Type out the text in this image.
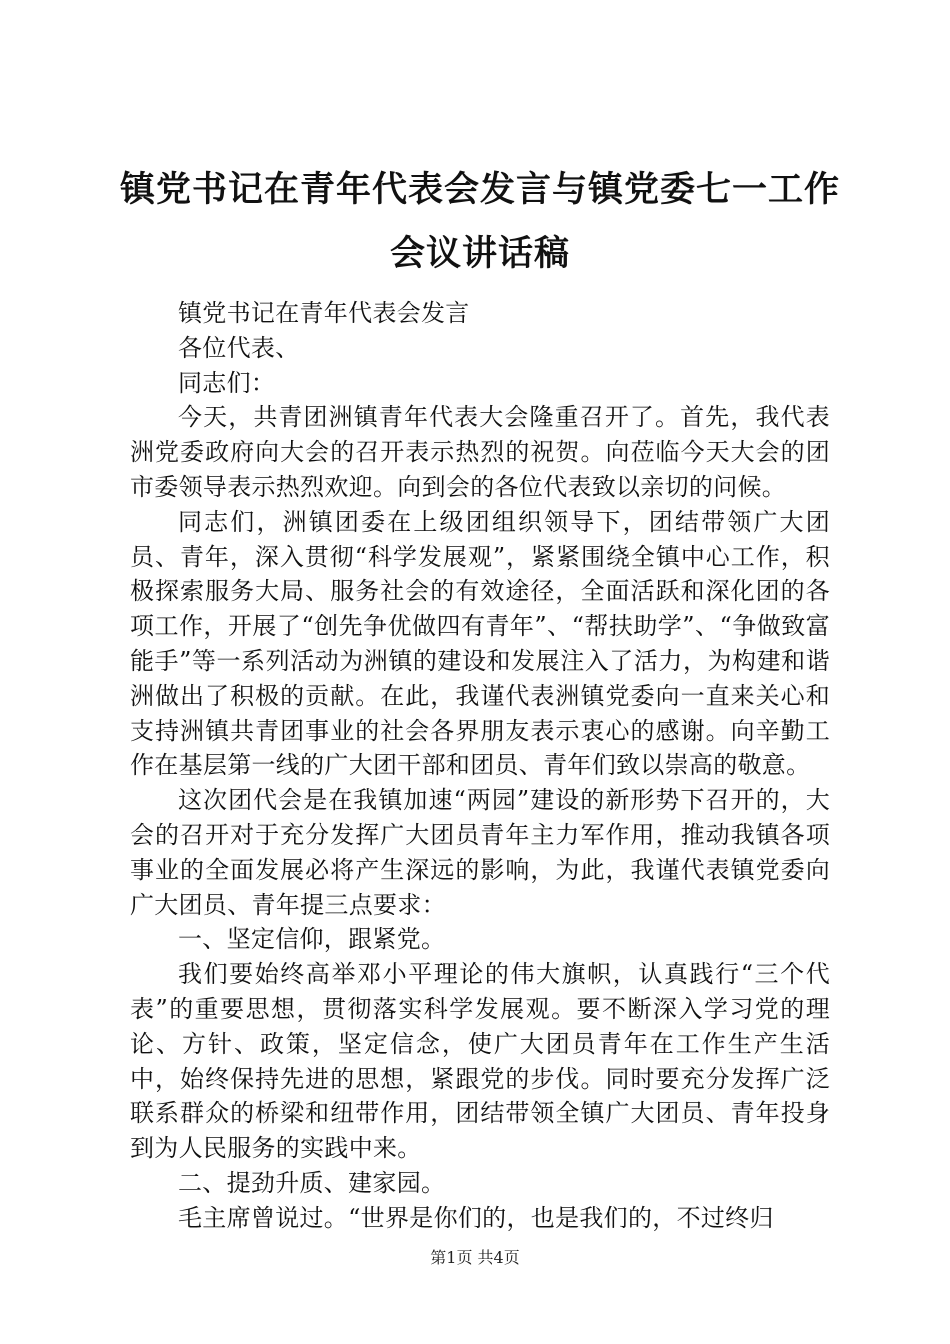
镇党书记在青年代表会发言与镇党委七一工作
会议讲话稿

镇党书记在青年代表会发言

各位代表、

同志们：

今天，共青团洲镇青年代表大会隆重召开了。首先，我代表洲党委政府向大会的召开表示热烈的祝贺。向莅临今天大会的团市委领导表示热烈欢迎。向到会的各位代表致以亲切的问候。

同志们，洲镇团委在上级团组织领导下，团结带领广大团员、青年，深入贯彻“科学发展观”，紧紧围绕全镇中心工作，积极探索服务大局、服务社会的有效途径，全面活跃和深化团的各项工作，开展了“创先争优做四有青年”、“帮扶助学”、“争做致富能手”等一系列活动为洲镇的建设和发展注入了活力，为构建和谐洲做出了积极的贡献。在此，我谨代表洲镇党委向一直来关心和支持洲镇共青团事业的社会各界朋友表示衷心的感谢。向辛勤工作在基层第一线的广大团干部和团员、青年们致以崇高的敬意。

这次团代会是在我镇加速“两园”建设的新形势下召开的，大会的召开对于充分发挥广大团员青年主力军作用，推动我镇各项事业的全面发展必将产生深远的影响，为此，我谨代表镇党委向广大团员、青年提三点要求：

一、坚定信仰，跟紧党。

我们要始终高举邓小平理论的伟大旗帜，认真践行“三个代表”的重要思想，贯彻落实科学发展观。要不断深入学习党的理论、方针、政策，坚定信念，使广大团员青年在工作生产生活中，始终保持先进的思想，紧跟党的步伐。同时要充分发挥广泛联系群众的桥梁和纽带作用，团结带领全镇广大团员、青年投身到为人民服务的实践中来。

二、提劲升质、建家园。

毛主席曾说过。“世界是你们的，也是我们的，不过终归

第1页 共4页
